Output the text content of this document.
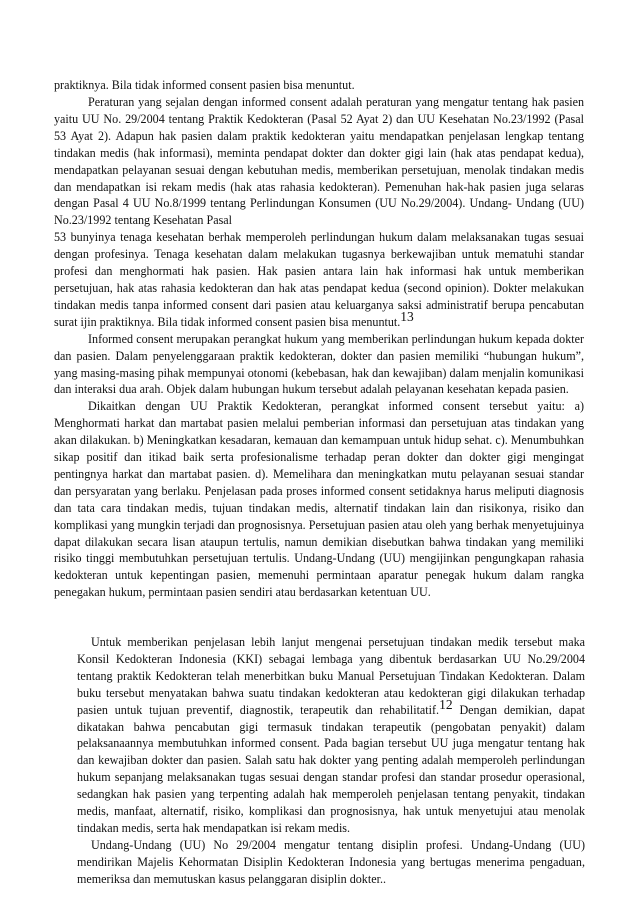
praktiknya. Bila tidak informed consent pasien bisa menuntut.

Peraturan yang sejalan dengan informed consent adalah peraturan yang mengatur tentang hak pasien yaitu UU No. 29/2004 tentang Praktik Kedokteran (Pasal 52 Ayat 2) dan UU Kesehatan No.23/1992 (Pasal 53 Ayat 2). Adapun hak pasien dalam praktik kedokteran yaitu mendapatkan penjelasan lengkap tentang tindakan medis (hak informasi), meminta pendapat dokter dan dokter gigi lain (hak atas pendapat kedua), mendapatkan pelayanan sesuai dengan kebutuhan medis, memberikan persetujuan, menolak tindakan medis dan mendapatkan isi rekam medis (hak atas rahasia kedokteran). Pemenuhan hak-hak pasien juga selaras dengan Pasal 4 UU No.8/1999 tentang Perlindungan Konsumen (UU No.29/2004). Undang- Undang (UU) No.23/1992 tentang Kesehatan Pasal
53 bunyinya tenaga kesehatan berhak memperoleh perlindungan hukum dalam melaksanakan tugas sesuai dengan profesinya. Tenaga kesehatan dalam melakukan tugasnya berkewajiban untuk mematuhi standar profesi dan menghormati hak pasien. Hak pasien antara lain hak informasi hak untuk memberikan persetujuan, hak atas rahasia kedokteran dan hak atas pendapat kedua (second opinion). Dokter melakukan tindakan medis tanpa informed consent dari pasien atau keluarganya saksi administratif berupa pencabutan surat ijin praktiknya. Bila tidak informed consent pasien bisa menuntut.$^{13}$
Informed consent merupakan perangkat hukum yang memberikan perlindungan hukum kepada dokter dan pasien. Dalam penyelenggaraan praktik kedokteran, dokter dan pasien memiliki “hubungan hukum”, yang masing-masing pihak mempunyai otonomi (kebebasan, hak dan kewajiban) dalam menjalin komunikasi dan interaksi dua arah. Objek dalam hubungan hukum tersebut adalah pelayanan kesehatan kepada pasien.
Dikaitkan dengan UU Praktik Kedokteran, perangkat informed consent tersebut yaitu: a) Menghormati harkat dan martabat pasien melalui pemberian informasi dan persetujuan atas tindakan yang akan dilakukan. b) Meningkatkan kesadaran, kemauan dan kemampuan untuk hidup sehat. c). Menumbuhkan sikap positif dan itikad baik serta profesionalisme terhadap peran dokter dan dokter gigi mengingat pentingnya harkat dan martabat pasien. d). Memelihara dan meningkatkan mutu pelayanan sesuai standar dan persyaratan yang berlaku. Penjelasan pada proses informed consent setidaknya harus meliputi diagnosis dan tata cara tindakan medis, tujuan tindakan medis, alternatif tindakan lain dan risikonya, risiko dan komplikasi yang mungkin terjadi dan prognosisnya. Persetujuan pasien atau oleh yang berhak menyetujuinya dapat dilakukan secara lisan ataupun tertulis, namun demikian disebutkan bahwa tindakan yang memiliki risiko tinggi membutuhkan persetujuan tertulis. Undang-Undang (UU) mengijinkan pengungkapan rahasia kedokteran untuk kepentingan pasien, memenuhi permintaan aparatur penegak hukum dalam rangka penegakan hukum, permintaan pasien sendiri atau berdasarkan ketentuan UU.
Untuk memberikan penjelasan lebih lanjut mengenai persetujuan tindakan medik tersebut maka Konsil Kedokteran Indonesia (KKI) sebagai lembaga yang dibentuk berdasarkan UU No.29/2004 tentang praktik Kedokteran telah menerbitkan buku Manual Persetujuan Tindakan Kedokteran. Dalam buku tersebut menyatakan bahwa suatu tindakan kedokteran atau kedokteran gigi dilakukan terhadap pasien untuk tujuan preventif, diagnostik, terapeutik dan rehabilitatif.$^{12}$ Dengan demikian, dapat dikatakan bahwa pencabutan gigi termasuk tindakan terapeutik (pengobatan penyakit) dalam pelaksanaannya membutuhkan informed consent. Pada bagian tersebut UU juga mengatur tentang hak dan kewajiban dokter dan pasien. Salah satu hak dokter yang penting adalah memperoleh perlindungan hukum sepanjang melaksanakan tugas sesuai dengan standar profesi dan standar prosedur operasional, sedangkan hak pasien yang terpenting adalah hak memperoleh penjelasan tentang penyakit, tindakan medis, manfaat, alternatif, risiko, komplikasi dan prognosisnya, hak untuk menyetujui atau menolak tindakan medis, serta hak mendapatkan isi rekam medis.
Undang-Undang (UU) No 29/2004 mengatur tentang disiplin profesi. Undang-Undang (UU) mendirikan Majelis Kehormatan Disiplin Kedokteran Indonesia yang bertugas menerima pengaduan, memeriksa dan memutuskan kasus pelanggaran disiplin dokter..
